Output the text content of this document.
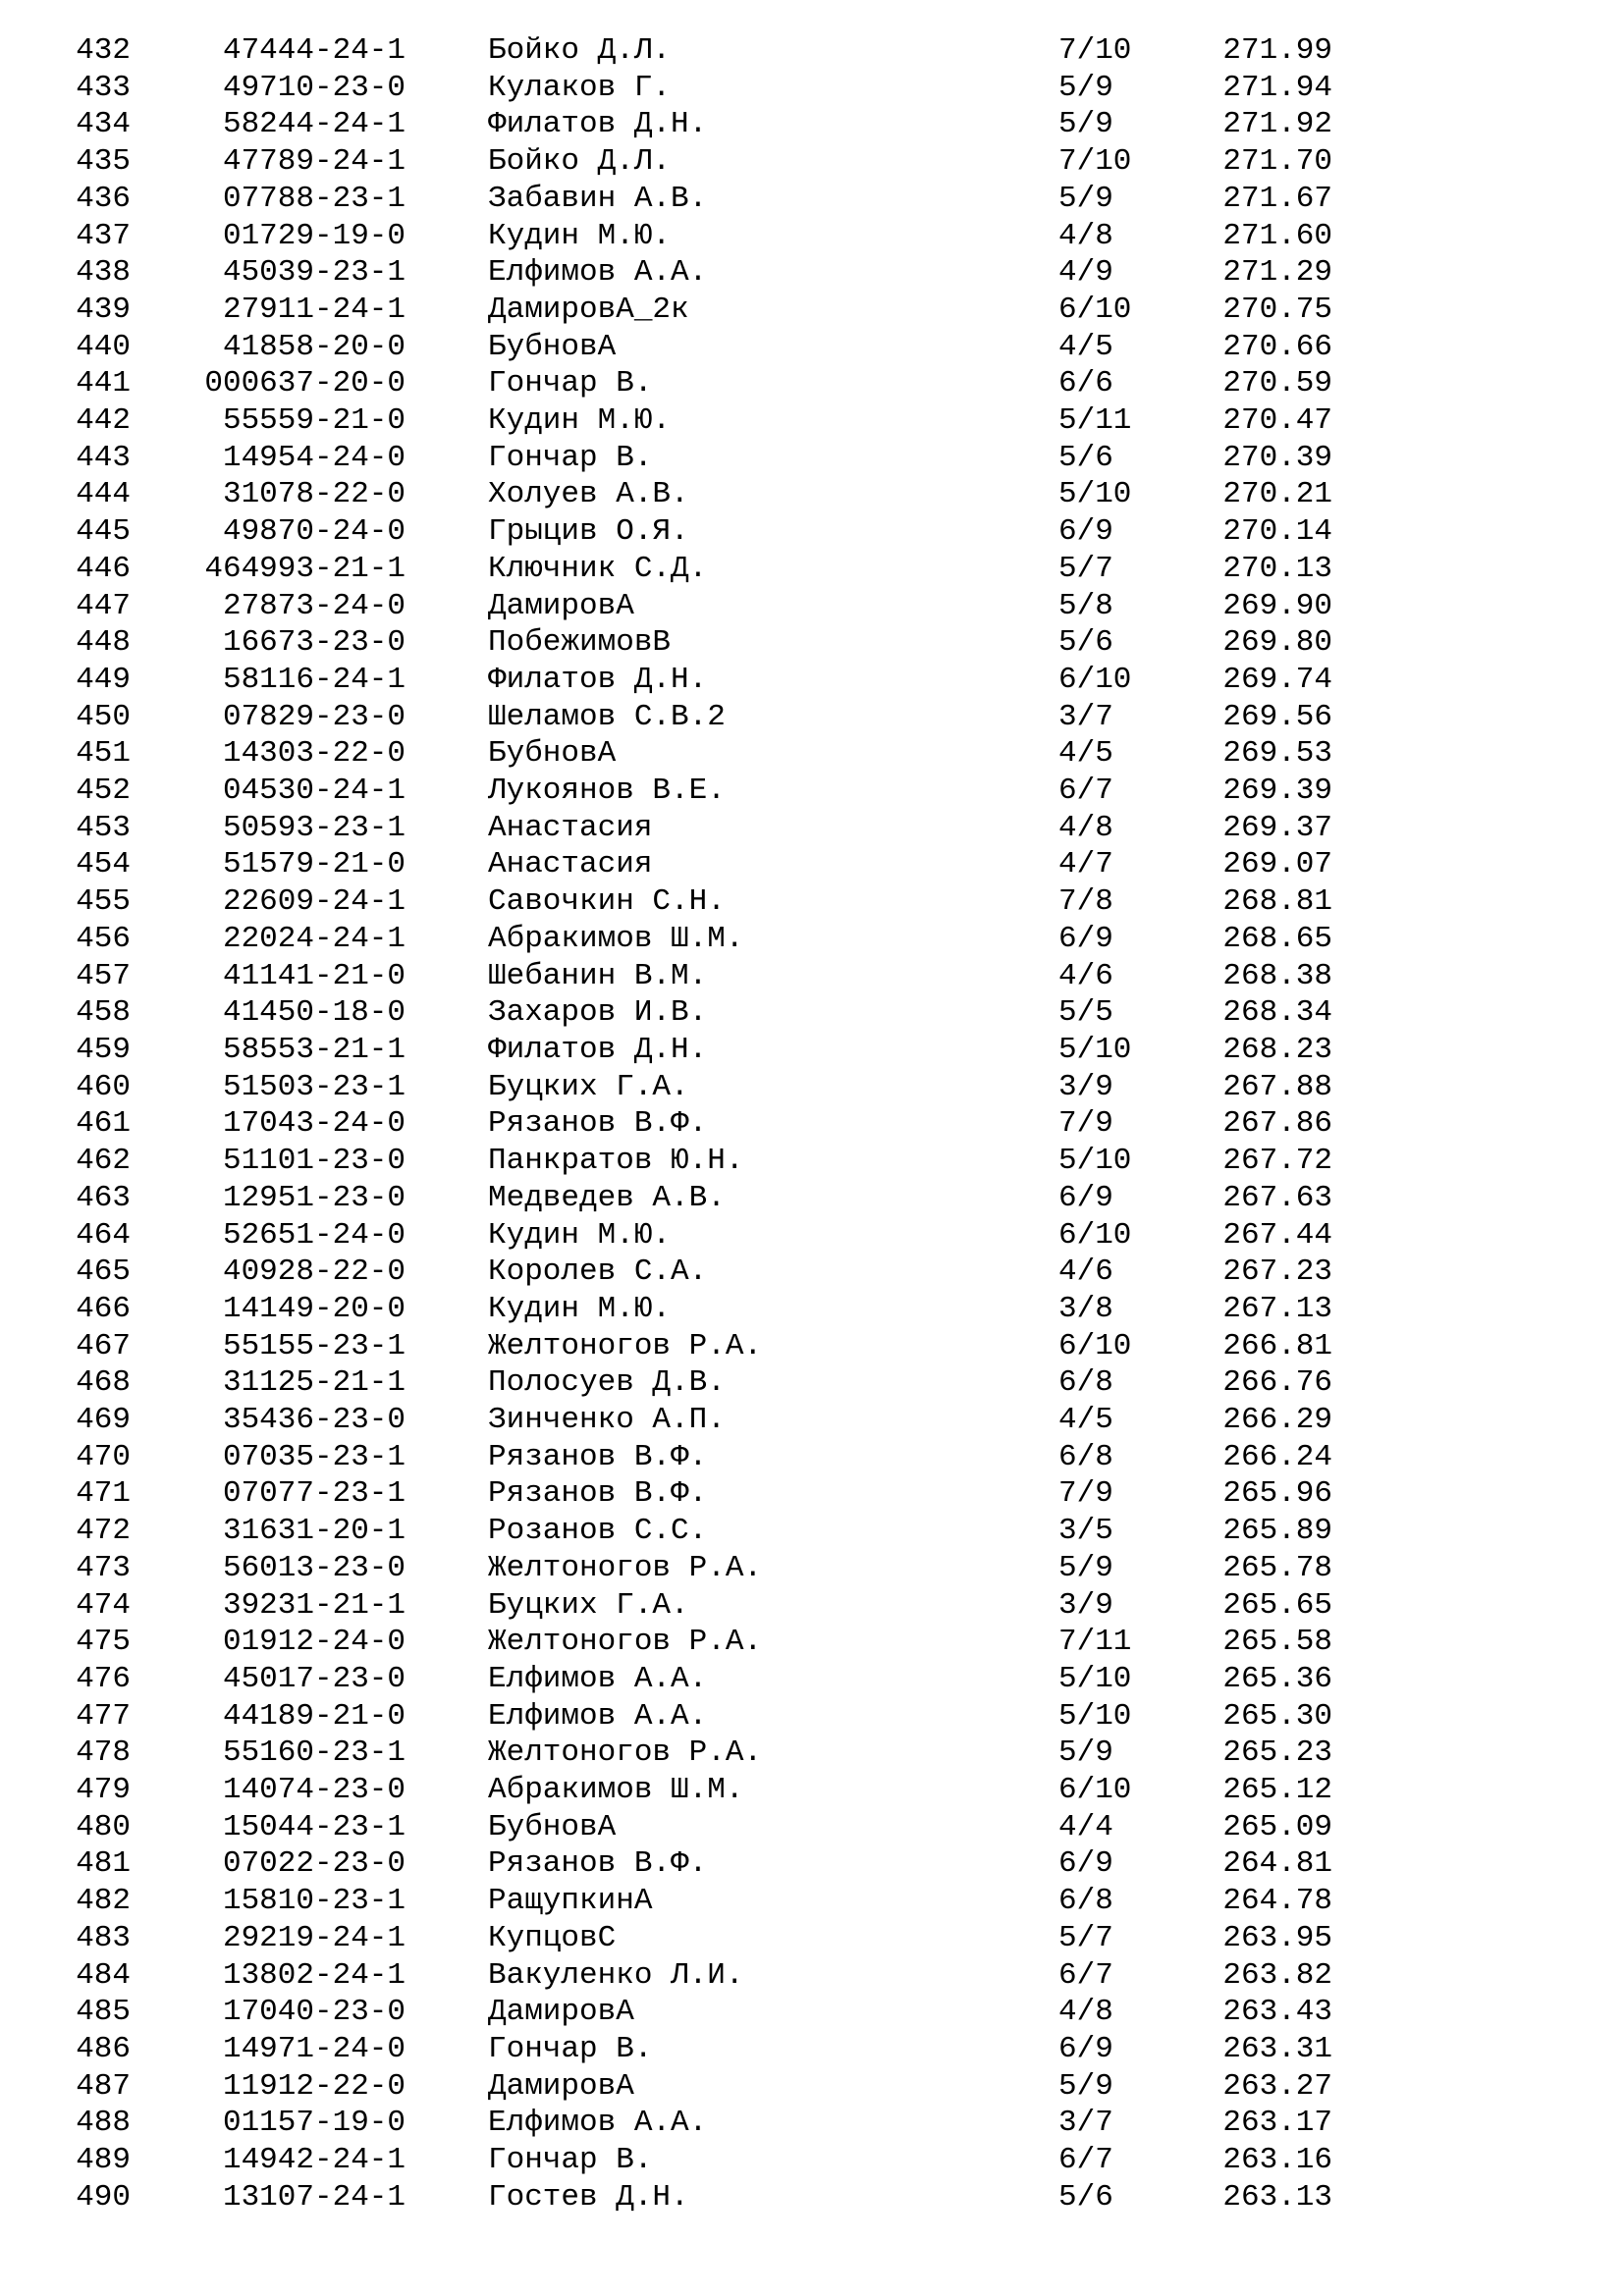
432	47444-24-1	Бойко Д.Л.	7/10	271.99
433	49710-23-0	Кулаков Г.	5/9	271.94
434	58244-24-1	Филатов Д.Н.	5/9	271.92
435	47789-24-1	Бойко Д.Л.	7/10	271.70
436	07788-23-1	Забавин А.В.	5/9	271.67
437	01729-19-0	Кудин М.Ю.	4/8	271.60
438	45039-23-1	Елфимов А.А.	4/9	271.29
439	27911-24-1	ДамировА_2к	6/10	270.75
440	41858-20-0	БубновА	4/5	270.66
441	000637-20-0	Гончар В.	6/6	270.59
442	55559-21-0	Кудин М.Ю.	5/11	270.47
443	14954-24-0	Гончар В.	5/6	270.39
444	31078-22-0	Холуев А.В.	5/10	270.21
445	49870-24-0	Грыцив О.Я.	6/9	270.14
446	464993-21-1	Ключник С.Д.	5/7	270.13
447	27873-24-0	ДамировА	5/8	269.90
448	16673-23-0	ПобежимовВ	5/6	269.80
449	58116-24-1	Филатов Д.Н.	6/10	269.74
450	07829-23-0	Шеламов С.В.2	3/7	269.56
451	14303-22-0	БубновА	4/5	269.53
452	04530-24-1	Лукоянов В.Е.	6/7	269.39
453	50593-23-1	Анастасия	4/8	269.37
454	51579-21-0	Анастасия	4/7	269.07
455	22609-24-1	Савочкин С.Н.	7/8	268.81
456	22024-24-1	Абракимов Ш.М.	6/9	268.65
457	41141-21-0	Шебанин В.М.	4/6	268.38
458	41450-18-0	Захаров И.В.	5/5	268.34
459	58553-21-1	Филатов Д.Н.	5/10	268.23
460	51503-23-1	Буцких Г.А.	3/9	267.88
461	17043-24-0	Рязанов В.Ф.	7/9	267.86
462	51101-23-0	Панкратов Ю.Н.	5/10	267.72
463	12951-23-0	Медведев А.В.	6/9	267.63
464	52651-24-0	Кудин М.Ю.	6/10	267.44
465	40928-22-0	Королев С.А.	4/6	267.23
466	14149-20-0	Кудин М.Ю.	3/8	267.13
467	55155-23-1	Желтоногов Р.А.	6/10	266.81
468	31125-21-1	Полосуев Д.В.	6/8	266.76
469	35436-23-0	Зинченко А.П.	4/5	266.29
470	07035-23-1	Рязанов В.Ф.	6/8	266.24
471	07077-23-1	Рязанов В.Ф.	7/9	265.96
472	31631-20-1	Розанов С.С.	3/5	265.89
473	56013-23-0	Желтоногов Р.А.	5/9	265.78
474	39231-21-1	Буцких Г.А.	3/9	265.65
475	01912-24-0	Желтоногов Р.А.	7/11	265.58
476	45017-23-0	Елфимов А.А.	5/10	265.36
477	44189-21-0	Елфимов А.А.	5/10	265.30
478	55160-23-1	Желтоногов Р.А.	5/9	265.23
479	14074-23-0	Абракимов Ш.М.	6/10	265.12
480	15044-23-1	БубновА	4/4	265.09
481	07022-23-0	Рязанов В.Ф.	6/9	264.81
482	15810-23-1	РащупкинА	6/8	264.78
483	29219-24-1	КупцовС	5/7	263.95
484	13802-24-1	Вакуленко Л.И.	6/7	263.82
485	17040-23-0	ДамировА	4/8	263.43
486	14971-24-0	Гончар В.	6/9	263.31
487	11912-22-0	ДамировА	5/9	263.27
488	01157-19-0	Елфимов А.А.	3/7	263.17
489	14942-24-1	Гончар В.	6/7	263.16
490	13107-24-1	Гостев Д.Н.	5/6	263.13
